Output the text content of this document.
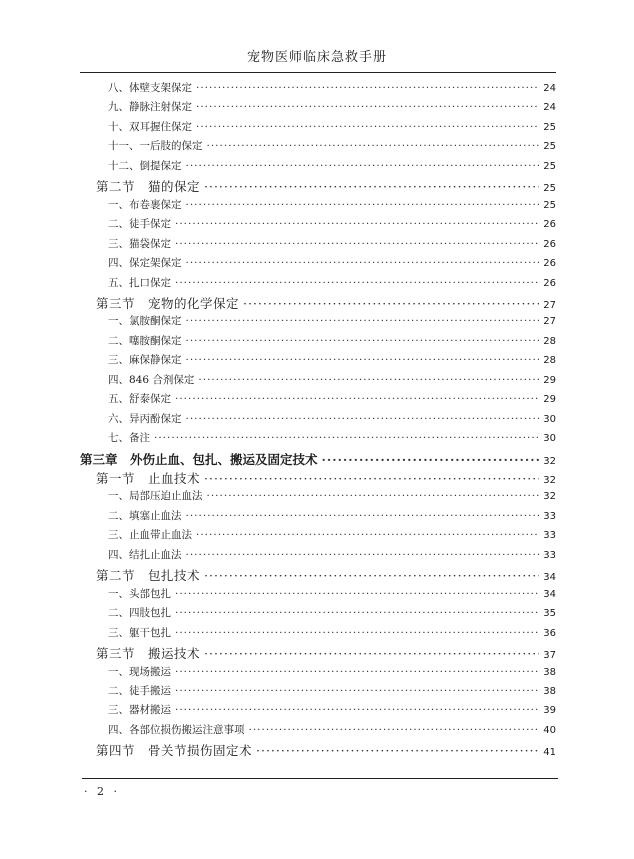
宠物医师临床急救手册
八、体壁支架保定 ·····	24
九、静脉注射保定 ·····	24
十、双耳握住保定 ·····	25
十一、一后肢的保定 ·····	25
十二、倒提保定 ·····	25
第二节　猫的保定 ·····	25
一、布卷裹保定 ·····	25
二、徒手保定 ·····	26
三、猫袋保定 ·····	26
四、保定架保定 ·····	26
五、扎口保定 ·····	26
第三节　宠物的化学保定 ·····	27
一、氯胺酮保定 ·····	27
二、噻胺酮保定 ·····	28
三、麻保静保定 ·····	28
四、846 合剂保定 ·····	29
五、舒泰保定 ·····	29
六、异丙酚保定 ·····	30
七、备注 ·····	30
第三章　外伤止血、包扎、搬运及固定技术 ·····	32
第一节　止血技术 ·····	32
一、局部压迫止血法 ·····	32
二、填塞止血法 ·····	33
三、止血带止血法 ·····	33
四、结扎止血法 ·····	33
第二节　包扎技术 ·····	34
一、头部包扎 ·····	34
二、四肢包扎 ·····	35
三、躯干包扎 ·····	36
第三节　搬运技术 ·····	37
一、现场搬运 ·····	38
二、徒手搬运 ·····	38
三、器材搬运 ·····	39
四、各部位损伤搬运注意事项 ·····	40
第四节　骨关节损伤固定术 ·····	41
· 2 ·
